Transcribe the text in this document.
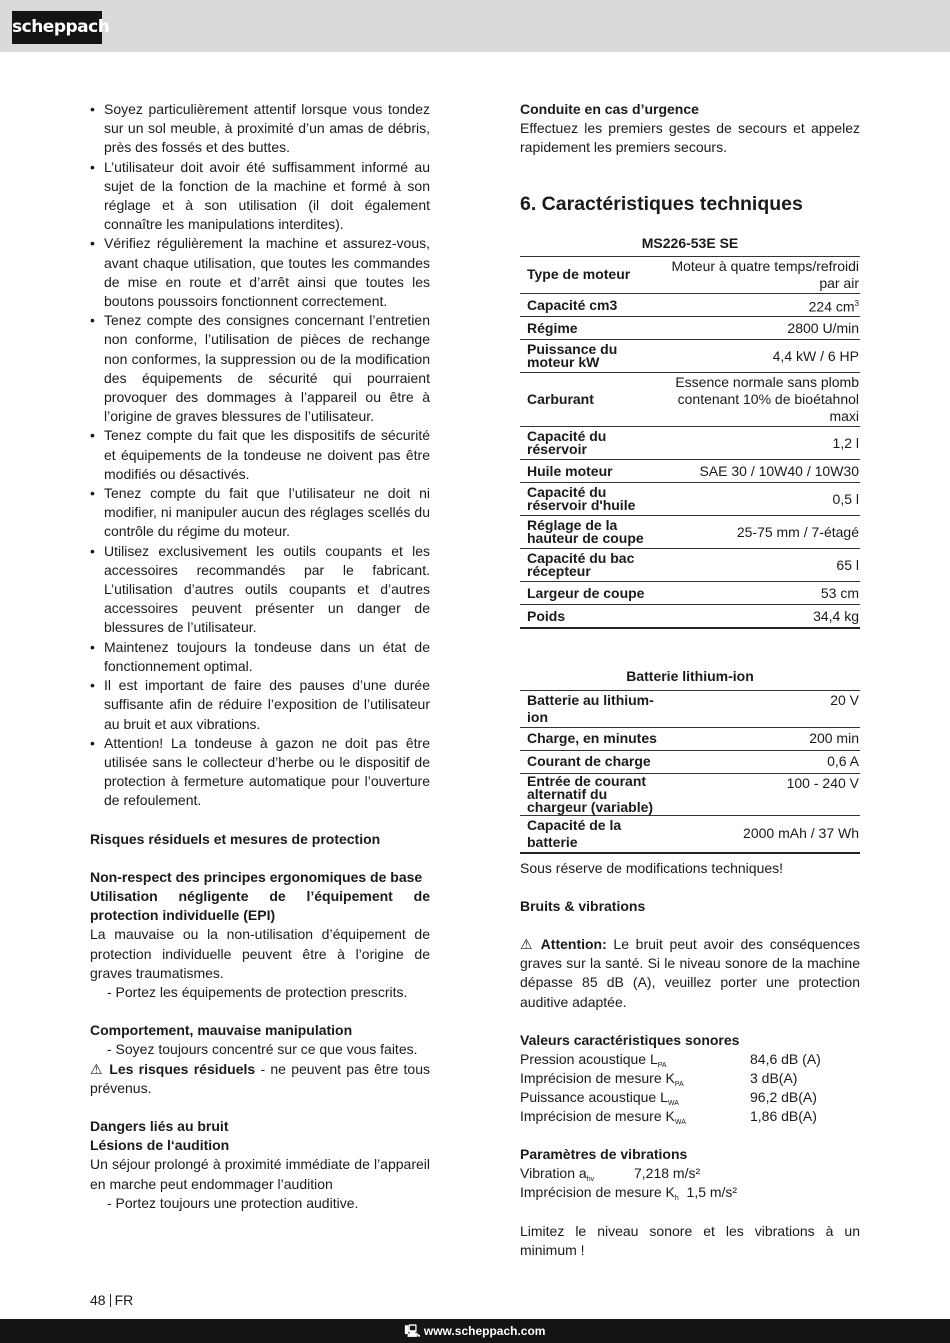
scheppach
• Soyez particulièrement attentif lorsque vous tondez sur un sol meuble, à proximité d’un amas de débris, près des fossés et des buttes.
• L’utilisateur doit avoir été suffisamment informé au sujet de la fonction de la machine et formé à son réglage et à son utilisation (il doit également connaître les manipulations interdites).
• Vérifiez régulièrement la machine et assurez-vous, avant chaque utilisation, que toutes les commandes de mise en route et d’arrêt ainsi que toutes les boutons poussoirs fonctionnent correctement.
• Tenez compte des consignes concernant l’entretien non conforme, l’utilisation de pièces de rechange non conformes, la suppression ou de la modification des équipements de sécurité qui pourraient provoquer des dommages à l’appareil ou être à l’origine de graves blessures de l’utilisateur.
• Tenez compte du fait que les dispositifs de sécurité et équipements de la tondeuse ne doivent pas être modifiés ou désactivés.
• Tenez compte du fait que l’utilisateur ne doit ni modifier, ni manipuler aucun des réglages scellés du contrôle du régime du moteur.
• Utilisez exclusivement les outils coupants et les accessoires recommandés par le fabricant. L’utilisation d’autres outils coupants et d’autres accessoires peuvent présenter un danger de blessures de l’utilisateur.
• Maintenez toujours la tondeuse dans un état de fonctionnement optimal.
• Il est important de faire des pauses d’une durée suffisante afin de réduire l’exposition de l’utilisateur au bruit et aux vibrations.
• Attention! La tondeuse à gazon ne doit pas être utilisée sans le collecteur d’herbe ou le dispositif de protection à fermeture automatique pour l’ouverture de refoulement.

Risques résiduels et mesures de protection

Non-respect des principes ergonomiques de base

Utilisation négligente de l’équipement de protection individuelle (EPI)

La mauvaise ou la non-utilisation d’équipement de protection individuelle peuvent être à l’origine de graves traumatismes.

- Portez les équipements de protection prescrits.

Comportement, mauvaise manipulation

- Soyez toujours concentré sur ce que vous faites.

⚠ Les risques résiduels - ne peuvent pas être tous prévenus.

Dangers liés au bruit

Lésions de l‘audition

Un séjour prolongé à proximité immédiate de l’appareil en marche peut endommager l’audition

- Portez toujours une protection auditive.

Conduite en cas d’urgence

Effectuez les premiers gestes de secours et appelez rapidement les premiers secours.

6. Caractéristiques techniques
MS226-53E SE
Type de moteur	Moteur à quatre temps/refroidi par air
Capacité cm3	224 $cm^3$
Régime	2800 U/min
Puissance du moteur kW	4,4 kW / 6 HP
Carburant	Essence normale sans plomb contenant 10% de bioétahnol maxi
Capacité du réservoir	1,2 l
Huile moteur	SAE 30 / 10W40 / 10W30
Capacité du réservoir d'huile	0,5 l
Réglage de la hauteur de coupe	25-75 mm / 7-étagé
Capacité du bac récepteur	65 l
Largeur de coupe	53 cm
Poids	34,4 kg
Batterie lithium-ion
Batterie au lithium-ion	20 V
Charge, en minutes	200 min
Courant de charge	0,6 A
Entrée de courant alternatif du chargeur (variable)	100 - 240 V
Capacité de la batterie	2000 mAh / 37 Wh

Sous réserve de modifications techniques!

Bruits & vibrations

⚠ Attention: Le bruit peut avoir des conséquences graves sur la santé. Si le niveau sonore de la machine dépasse 85 dB (A), veuillez porter une protection auditive adaptée.

Valeurs caractéristiques sonores

Pression acoustique $L_{PA}$	84,6 dB (A)
Imprécision de mesure $K_{PA}$	3 dB(A)
Puissance acoustique $L_{WA}$	96,2 dB(A)
Imprécision de mesure $K_{WA}$	1,86 dB(A)

Paramètres de vibrations

Vibration $a_{hv}$	7,218 m/s²

Imprécision de mesure $K_h$ 1,5 m/s²

Limitez le niveau sonore et les vibrations à un minimum !

48 FR
🖳 www.scheppach.com
